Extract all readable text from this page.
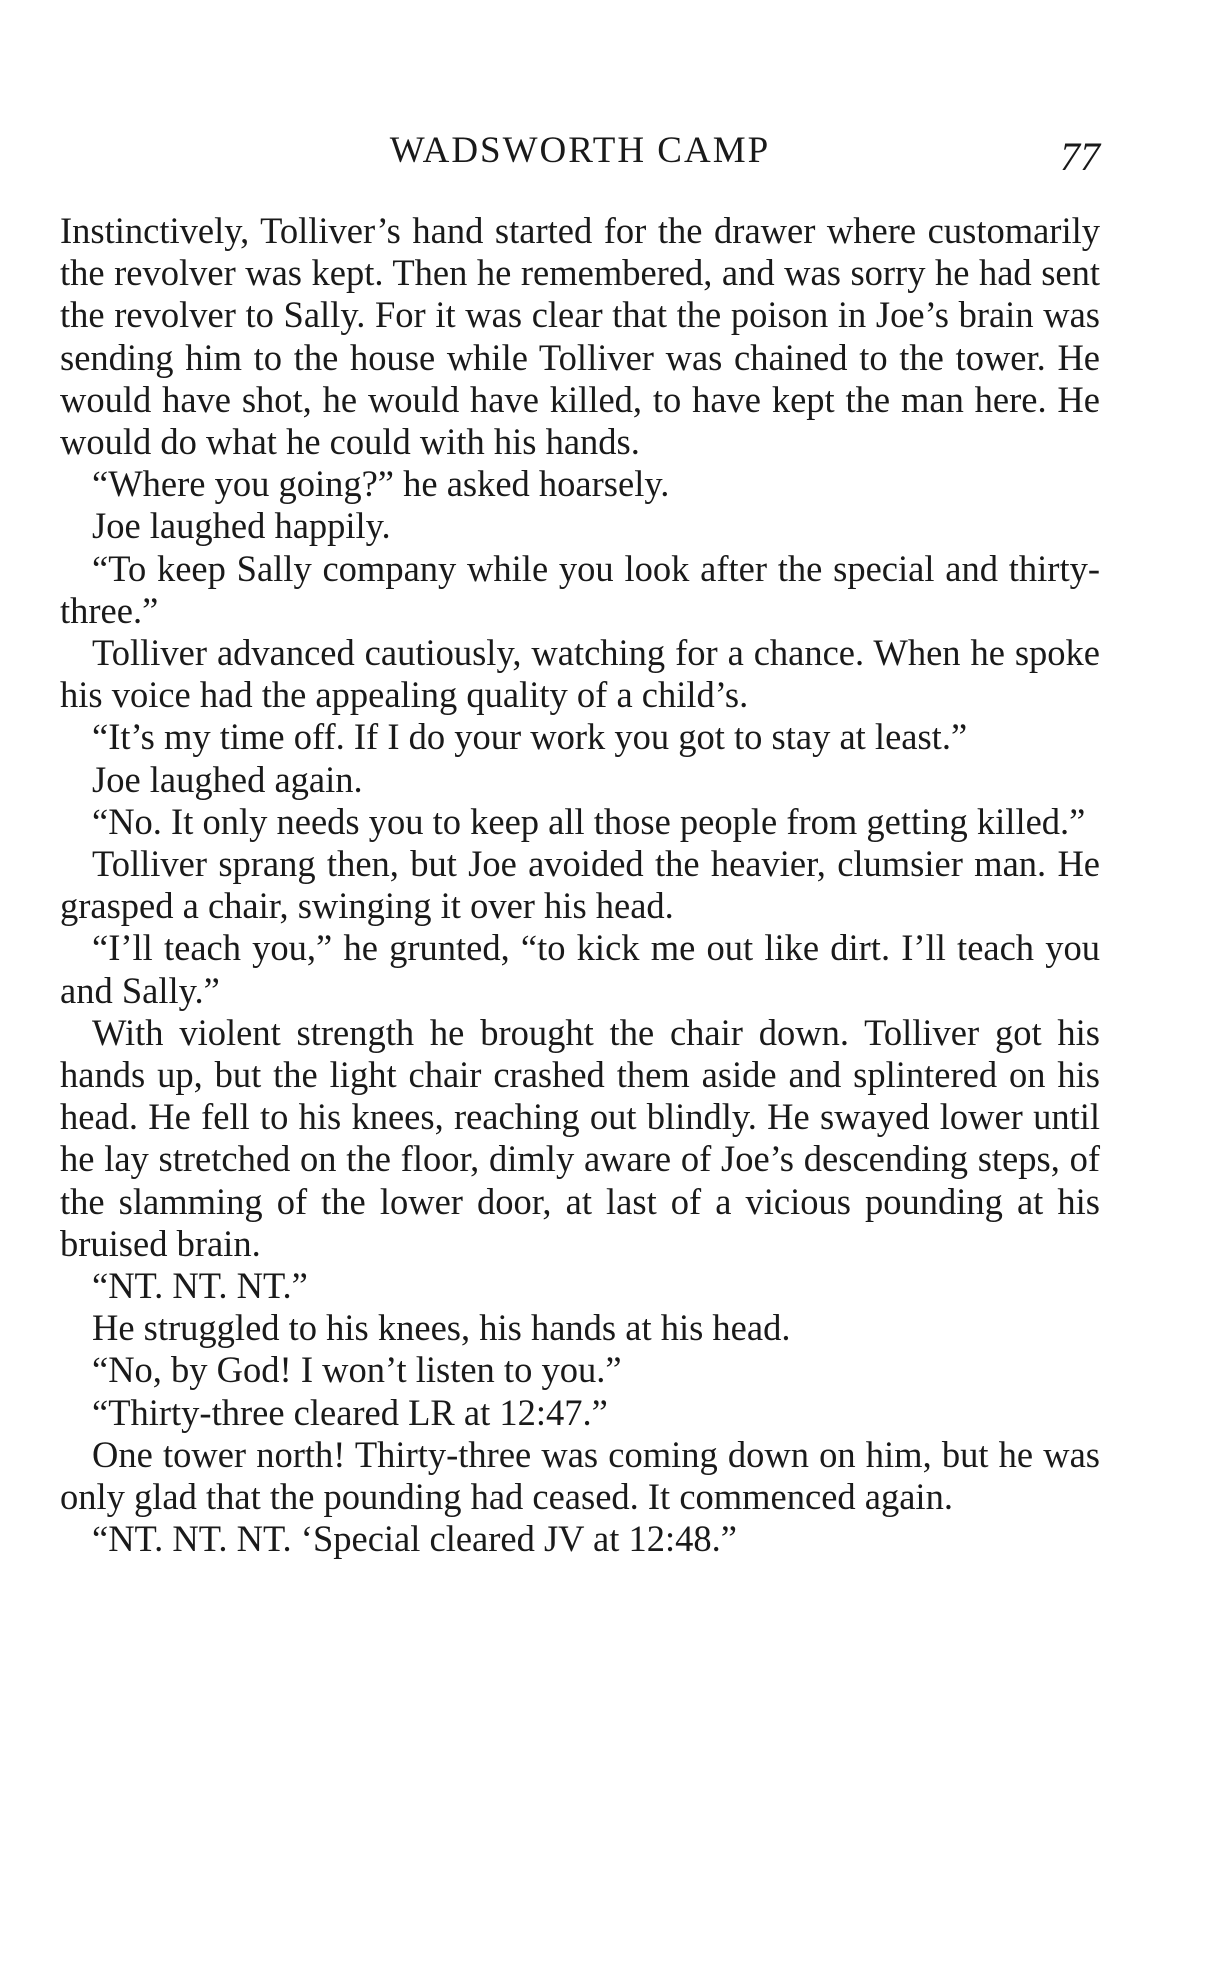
WADSWORTH CAMP	77

Instinctively, Tolliver’s hand started for the drawer where customarily the revolver was kept. Then he remembered, and was sorry he had sent the revolver to Sally. For it was clear that the poison in Joe’s brain was sending him to the house while Tolliver was chained to the tower. He would have shot, he would have killed, to have kept the man here. He would do what he could with his hands.

“Where you going?” he asked hoarsely.

Joe laughed happily.

“To keep Sally company while you look after the special and thirty-three.”

Tolliver advanced cautiously, watching for a chance. When he spoke his voice had the appealing quality of a child’s.

“It’s my time off. If I do your work you got to stay at least.”

Joe laughed again.

“No. It only needs you to keep all those people from getting killed.”

Tolliver sprang then, but Joe avoided the heavier, clumsier man. He grasped a chair, swinging it over his head.

“I’ll teach you,” he grunted, “to kick me out like dirt. I’ll teach you and Sally.”

With violent strength he brought the chair down. Tolliver got his hands up, but the light chair crashed them aside and splintered on his head. He fell to his knees, reaching out blindly. He swayed lower until he lay stretched on the floor, dimly aware of Joe’s descending steps, of the slamming of the lower door, at last of a vicious pounding at his bruised brain.

“NT. NT. NT.”

He struggled to his knees, his hands at his head.

“No, by God! I won’t listen to you.”

“Thirty-three cleared LR at 12:47.”

One tower north! Thirty-three was coming down on him, but he was only glad that the pounding had ceased. It commenced again.

“NT. NT. NT. ‘Special cleared JV at 12:48.”
